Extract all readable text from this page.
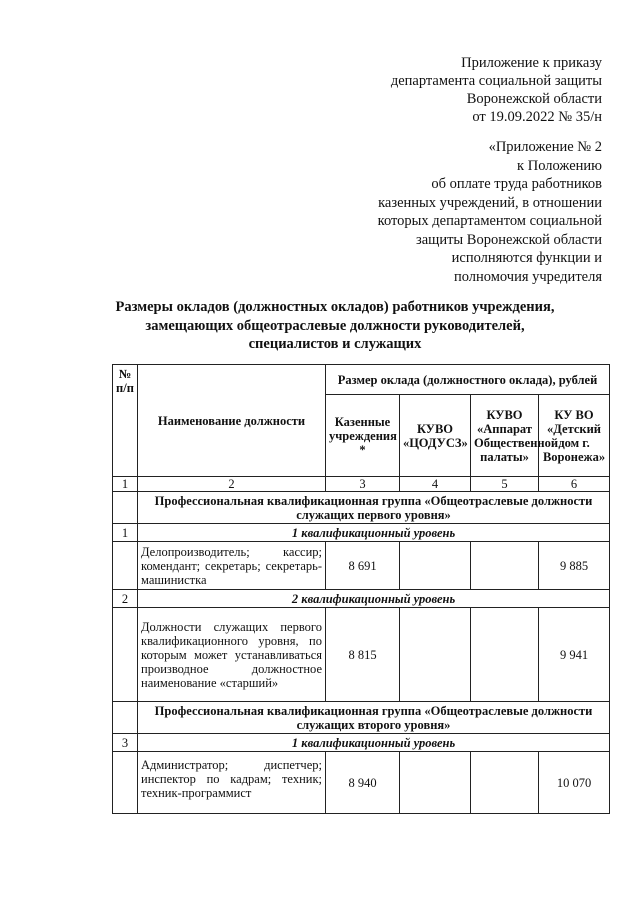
Приложение к приказу
департамента социальной защиты
Воронежской области
от 19.09.2022 № 35/н
«Приложение № 2
к Положению
об оплате труда работников
казенных учреждений, в отношении
которых департаментом социальной
защиты Воронежской области
исполняются функции и
полномочия учредителя
Размеры окладов (должностных окладов) работников учреждения,
замещающих общеотраслевые должности руководителей,
специалистов и служащих
№ п/п	Наименование должности	Размер оклада (должностного оклада), рублей			
		Казенные учреждения *	КУВО «ЦОДУСЗ»	КУВО «Аппарат Общественной палаты»	КУ ВО «Детский дом г. Воронежа»
1	2	3	4	5	6
	Профессиональная квалификационная группа «Общеотраслевые должности служащих первого уровня»				
1	1 квалификационный уровень				
	Делопроизводитель; кассир; комендант; секретарь; секретарь- машинистка	8 691			9 885
2	2 квалификационный уровень				
	Должности служащих первого квалификационного уровня, по которым может устанавливаться производное должностное наименование «старший»	8 815			9 941
	Профессиональная квалификационная группа «Общеотраслевые должности служащих второго уровня»				
3	1 квалификационный уровень				
	Администратор; диспетчер; инспектор по кадрам; техник; техник-программист	8 940			10 070
